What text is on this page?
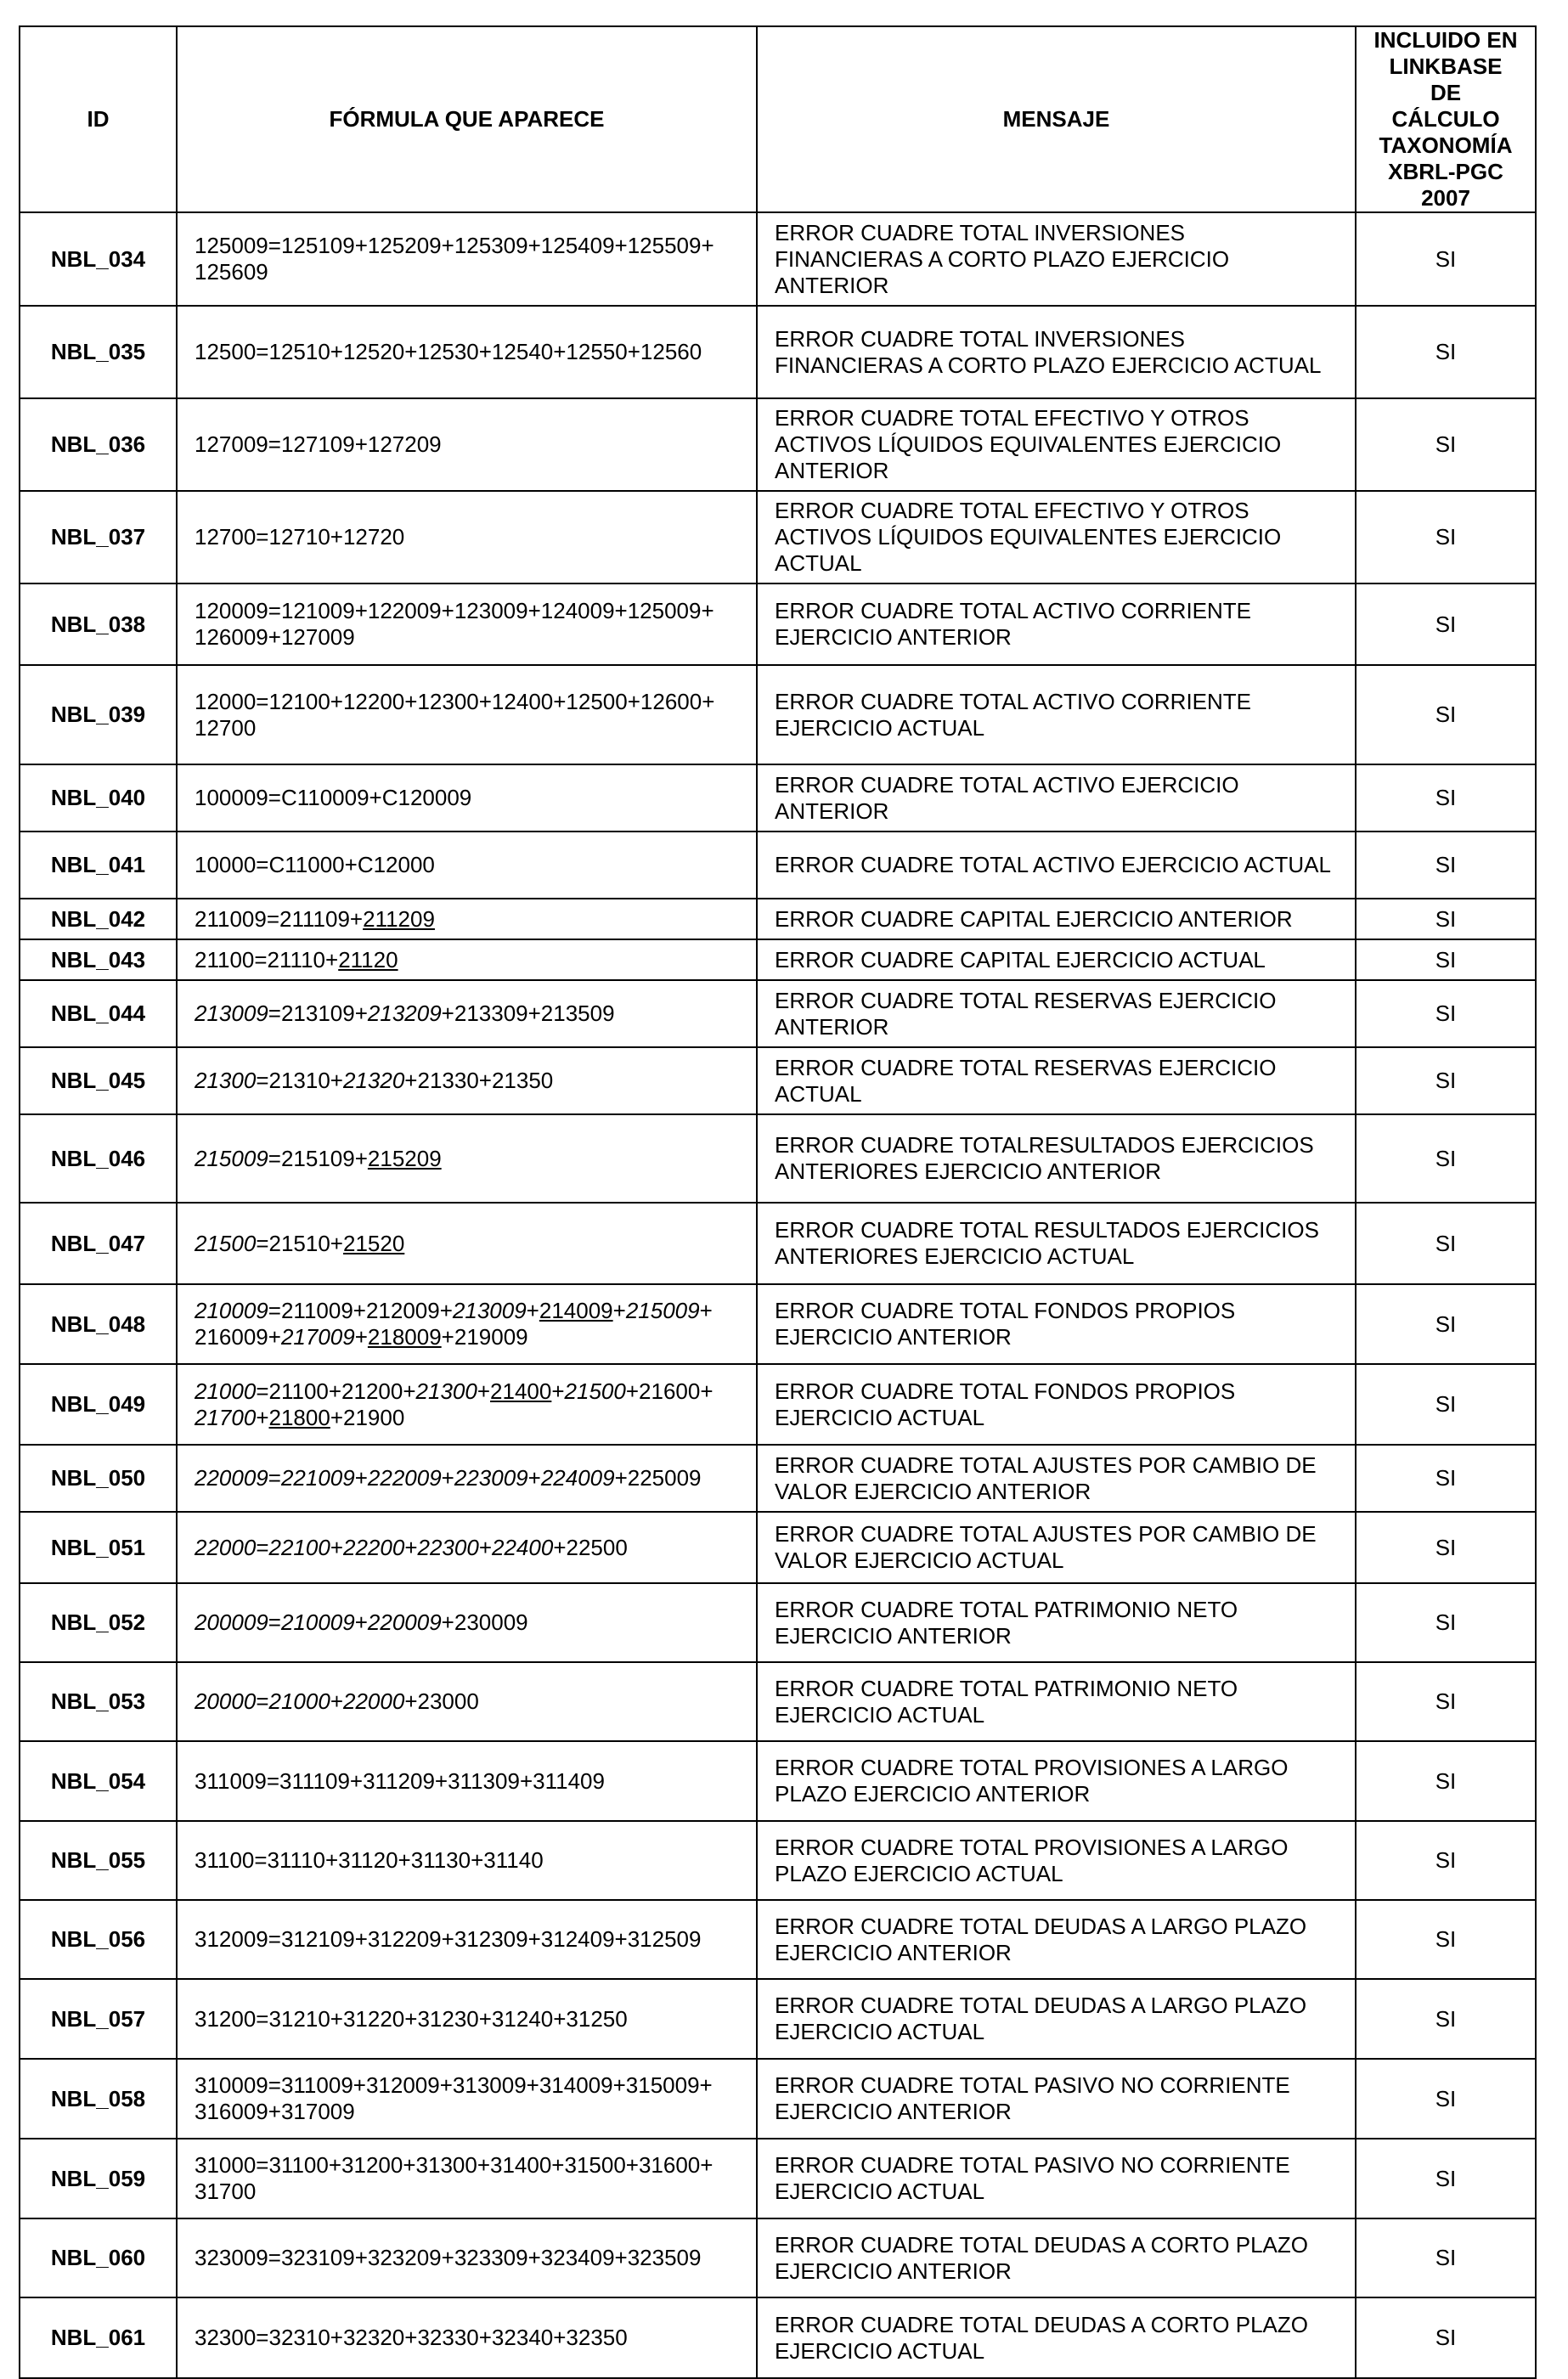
ID	FÓRMULA QUE APARECE	MENSAJE	INCLUIDO EN LINKBASE DE CÁLCULO TAXONOMÍA XBRL-PGC 2007
NBL_034	125009=125109+125209+125309+125409+125509+ 125609	ERROR CUADRE TOTAL INVERSIONES FINANCIERAS A CORTO PLAZO EJERCICIO ANTERIOR	SI
NBL_035	12500=12510+12520+12530+12540+12550+12560	ERROR CUADRE TOTAL INVERSIONES FINANCIERAS A CORTO PLAZO EJERCICIO ACTUAL	SI
NBL_036	127009=127109+127209	ERROR CUADRE TOTAL EFECTIVO Y OTROS ACTIVOS LÍQUIDOS EQUIVALENTES EJERCICIO ANTERIOR	SI
NBL_037	12700=12710+12720	ERROR CUADRE TOTAL EFECTIVO Y OTROS ACTIVOS LÍQUIDOS EQUIVALENTES EJERCICIO ACTUAL	SI
NBL_038	120009=121009+122009+123009+124009+125009+ 126009+127009	ERROR CUADRE TOTAL ACTIVO CORRIENTE EJERCICIO ANTERIOR	SI
NBL_039	12000=12100+12200+12300+12400+12500+12600+ 12700	ERROR CUADRE TOTAL ACTIVO CORRIENTE EJERCICIO ACTUAL	SI
NBL_040	100009=C110009+C120009	ERROR CUADRE TOTAL ACTIVO EJERCICIO ANTERIOR	SI
NBL_041	10000=C11000+C12000	ERROR CUADRE TOTAL ACTIVO EJERCICIO ACTUAL	SI
NBL_042	211009=211109+211209	ERROR CUADRE CAPITAL EJERCICIO ANTERIOR	SI
NBL_043	21100=21110+21120	ERROR CUADRE CAPITAL EJERCICIO ACTUAL	SI
NBL_044	213009=213109+213209+213309+213509	ERROR CUADRE TOTAL RESERVAS EJERCICIO ANTERIOR	SI
NBL_045	21300=21310+21320+21330+21350	ERROR CUADRE TOTAL RESERVAS EJERCICIO ACTUAL	SI
NBL_046	215009=215109+215209	ERROR CUADRE TOTALRESULTADOS EJERCICIOS ANTERIORES EJERCICIO ANTERIOR	SI
NBL_047	21500=21510+21520	ERROR CUADRE TOTAL RESULTADOS EJERCICIOS ANTERIORES EJERCICIO ACTUAL	SI
NBL_048	210009=211009+212009+213009+214009+215009+ 216009+217009+218009+219009	ERROR CUADRE TOTAL FONDOS PROPIOS EJERCICIO ANTERIOR	SI
NBL_049	21000=21100+21200+21300+21400+21500+21600+ 21700+21800+21900	ERROR CUADRE TOTAL FONDOS PROPIOS EJERCICIO ACTUAL	SI
NBL_050	220009=221009+222009+223009+224009+225009	ERROR CUADRE TOTAL AJUSTES POR CAMBIO DE VALOR EJERCICIO ANTERIOR	SI
NBL_051	22000=22100+22200+22300+22400+22500	ERROR CUADRE TOTAL AJUSTES POR CAMBIO DE VALOR EJERCICIO ACTUAL	SI
NBL_052	200009=210009+220009+230009	ERROR CUADRE TOTAL PATRIMONIO NETO EJERCICIO ANTERIOR	SI
NBL_053	20000=21000+22000+23000	ERROR CUADRE TOTAL PATRIMONIO NETO EJERCICIO ACTUAL	SI
NBL_054	311009=311109+311209+311309+311409	ERROR CUADRE TOTAL PROVISIONES A LARGO PLAZO EJERCICIO ANTERIOR	SI
NBL_055	31100=31110+31120+31130+31140	ERROR CUADRE TOTAL PROVISIONES A LARGO PLAZO EJERCICIO ACTUAL	SI
NBL_056	312009=312109+312209+312309+312409+312509	ERROR CUADRE TOTAL DEUDAS A LARGO PLAZO EJERCICIO ANTERIOR	SI
NBL_057	31200=31210+31220+31230+31240+31250	ERROR CUADRE TOTAL DEUDAS A LARGO PLAZO EJERCICIO ACTUAL	SI
NBL_058	310009=311009+312009+313009+314009+315009+ 316009+317009	ERROR CUADRE TOTAL PASIVO NO CORRIENTE EJERCICIO ANTERIOR	SI
NBL_059	31000=31100+31200+31300+31400+31500+31600+ 31700	ERROR CUADRE TOTAL PASIVO NO CORRIENTE EJERCICIO ACTUAL	SI
NBL_060	323009=323109+323209+323309+323409+323509	ERROR CUADRE TOTAL DEUDAS A CORTO PLAZO EJERCICIO ANTERIOR	SI
NBL_061	32300=32310+32320+32330+32340+32350	ERROR CUADRE TOTAL DEUDAS A CORTO PLAZO EJERCICIO ACTUAL	SI
